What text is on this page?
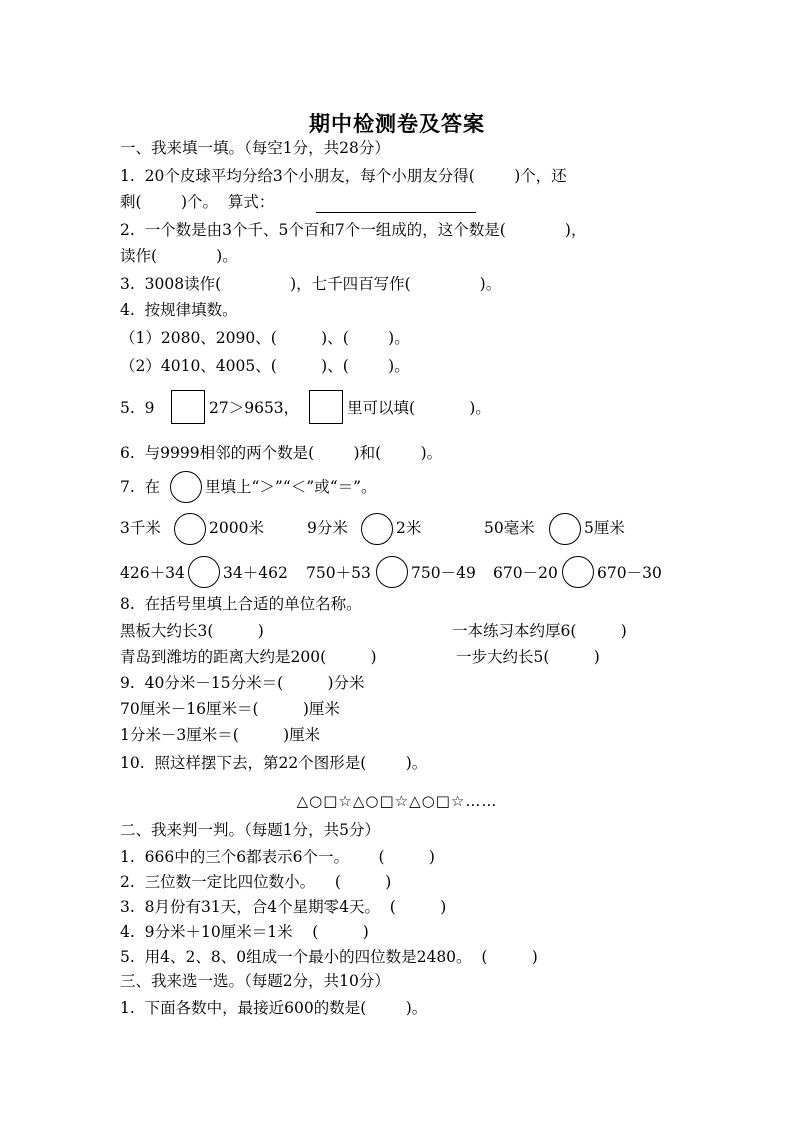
期中检测卷及答案
一、我来填一填。（每空1分，共28分）
1.  20个皮球平均分给3个小朋友，每个小朋友分得(        )个，还
剩(        )个。  算式：
2.  一个数是由3个千、5个百和7个一组成的，这个数是(            )，
读作(            )。
3.  3008读作(              )，七千四百写作(              )。
4.  按规律填数。
（1）2080、2090、(         )、(        )。
（2）4010、4005、(         )、(        )。
5.  9	27＞9653，	里可以填(           )。
6.  与9999相邻的两个数是(        )和(        )。
7.  在	里填上“＞”“＜”或“＝”。
3千米	2000米	9分米	2米	50毫米	5厘米
426＋34 34＋462 750＋53	750－49 670－20	670－30
8.  在括号里填上合适的单位名称。
黑板大约长3(         )	一本练习本约厚6(         )
青岛到潍坊的距离大约是200(         )	一步大约长5(         )
9.  40分米－15分米＝(         )分米
70厘米－16厘米＝(         )厘米
1分米－3厘米＝(         )厘米
10.  照这样摆下去，第22个图形是(        )。
△○□☆△○□☆△○□☆……
二、我来判一判。（每题1分，共5分）
1.  666中的三个6都表示6个一。      (         )
2.  三位数一定比四位数小。    (         )
3.  8月份有31天，合4个星期零4天。  (         )
4.  9分米＋10厘米＝1米    (         )
5.  用4、2、8、0组成一个最小的四位数是2480。  (         )
三、我来选一选。（每题2分，共10分）
1.  下面各数中，最接近600的数是(        )。
